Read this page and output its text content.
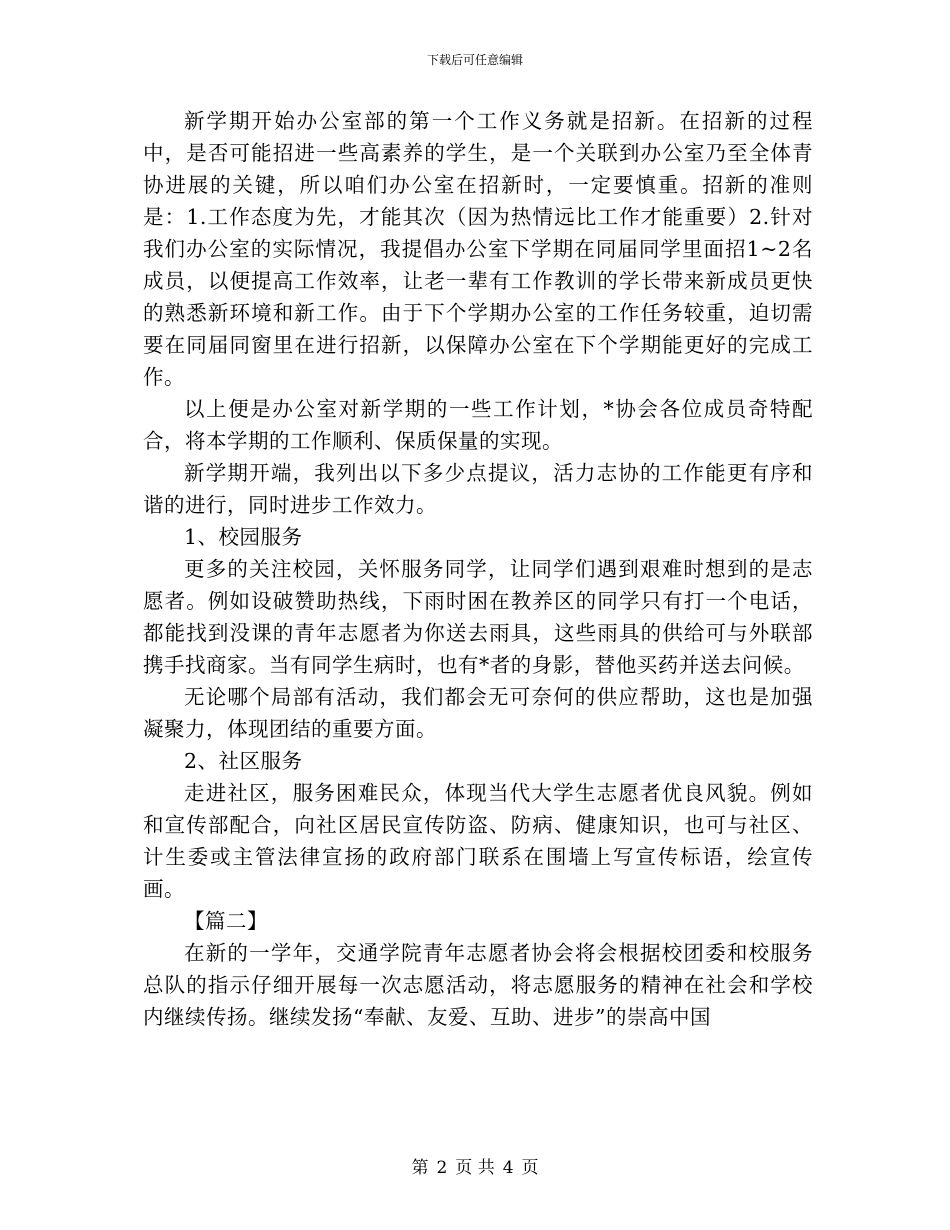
下载后可任意编辑

新学期开始办公室部的第一个工作义务就是招新。在招新的过程中，是否可能招进一些高素养的学生，是一个关联到办公室乃至全体青协进展的关键，所以咱们办公室在招新时，一定要慎重。招新的准则是：1.工作态度为先，才能其次（因为热情远比工作才能重要）2.针对我们办公室的实际情况，我提倡办公室下学期在同届同学里面招1~2名成员，以便提高工作效率，让老一辈有工作教训的学长带来新成员更快的熟悉新环境和新工作。由于下个学期办公室的工作任务较重，迫切需要在同届同窗里在进行招新，以保障办公室在下个学期能更好的完成工作。

以上便是办公室对新学期的一些工作计划，*协会各位成员奇特配合，将本学期的工作顺利、保质保量的实现。

新学期开端，我列出以下多少点提议，活力志协的工作能更有序和谐的进行，同时进步工作效力。

1、校园服务

更多的关注校园，关怀服务同学，让同学们遇到艰难时想到的是志愿者。例如设破赞助热线，下雨时困在教养区的同学只有打一个电话，都能找到没课的青年志愿者为你送去雨具，这些雨具的供给可与外联部携手找商家。当有同学生病时，也有*者的身影，替他买药并送去问候。

无论哪个局部有活动，我们都会无可奈何的供应帮助，这也是加强凝聚力，体现团结的重要方面。

2、社区服务

走进社区，服务困难民众，体现当代大学生志愿者优良风貌。例如和宣传部配合，向社区居民宣传防盗、防病、健康知识，也可与社区、计生委或主管法律宣扬的政府部门联系在围墙上写宣传标语，绘宣传画。

【篇二】

在新的一学年，交通学院青年志愿者协会将会根据校团委和校服务总队的指示仔细开展每一次志愿活动，将志愿服务的精神在社会和学校内继续传扬。继续发扬“奉献、友爱、互助、进步”的崇高中国

第 2 页 共 4 页
